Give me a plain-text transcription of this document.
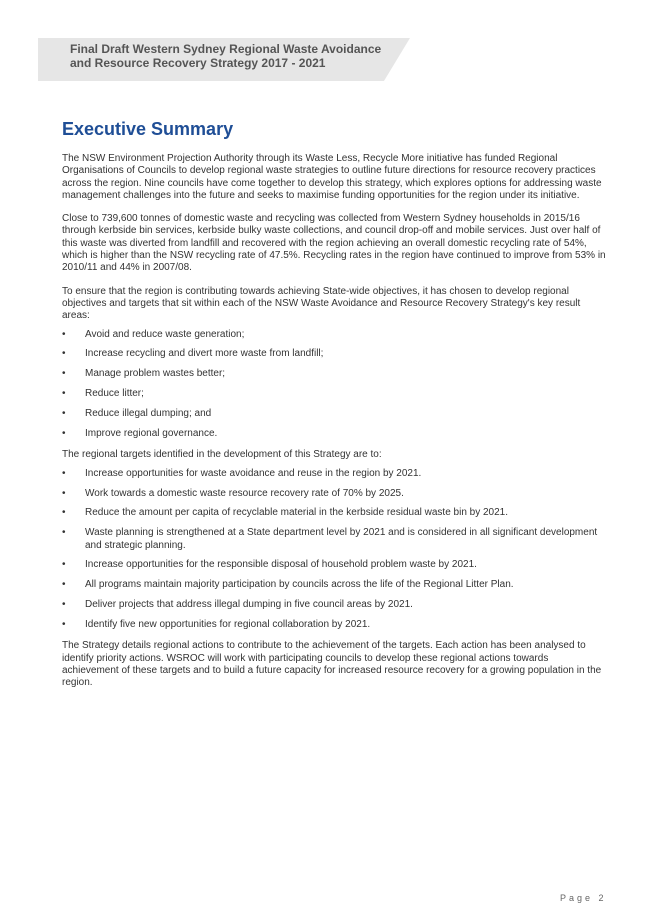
Final Draft Western Sydney Regional Waste Avoidance
and Resource Recovery Strategy 2017 - 2021
Executive Summary

The NSW Environment Projection Authority through its Waste Less, Recycle More initiative has funded Regional Organisations of Councils to develop regional waste strategies to outline future directions for resource recovery practices across the region. Nine councils have come together to develop this strategy, which explores options for addressing waste management challenges into the future and seeks to maximise funding opportunities for the region under its initiative.

Close to 739,600 tonnes of domestic waste and recycling was collected from Western Sydney households in 2015/16 through kerbside bin services, kerbside bulky waste collections, and council drop-off and mobile services. Just over half of this waste was diverted from landfill and recovered with the region achieving an overall domestic recycling rate of 54%, which is higher than the NSW recycling rate of 47.5%. Recycling rates in the region have continued to improve from 53% in 2010/11 and 44% in 2007/08.

To ensure that the region is contributing towards achieving State-wide objectives, it has chosen to develop regional objectives and targets that sit within each of the NSW Waste Avoidance and Resource Recovery Strategy's key result areas:

• Avoid and reduce waste generation;
• Increase recycling and divert more waste from landfill;
• Manage problem wastes better;
• Reduce litter;
• Reduce illegal dumping; and
• Improve regional governance.

The regional targets identified in the development of this Strategy are to:

• Increase opportunities for waste avoidance and reuse in the region by 2021.
• Work towards a domestic waste resource recovery rate of 70% by 2025.
• Reduce the amount per capita of recyclable material in the kerbside residual waste bin by 2021.
• Waste planning is strengthened at a State department level by 2021 and is considered in all significant development and strategic planning.
• Increase opportunities for the responsible disposal of household problem waste by 2021.
• All programs maintain majority participation by councils across the life of the Regional Litter Plan.
• Deliver projects that address illegal dumping in five council areas by 2021.
• Identify five new opportunities for regional collaboration by 2021.

The Strategy details regional actions to contribute to the achievement of the targets. Each action has been analysed to identify priority actions. WSROC will work with participating councils to develop these regional actions towards achievement of these targets and to build a future capacity for increased resource recovery for a growing population in the region.

Page 2
